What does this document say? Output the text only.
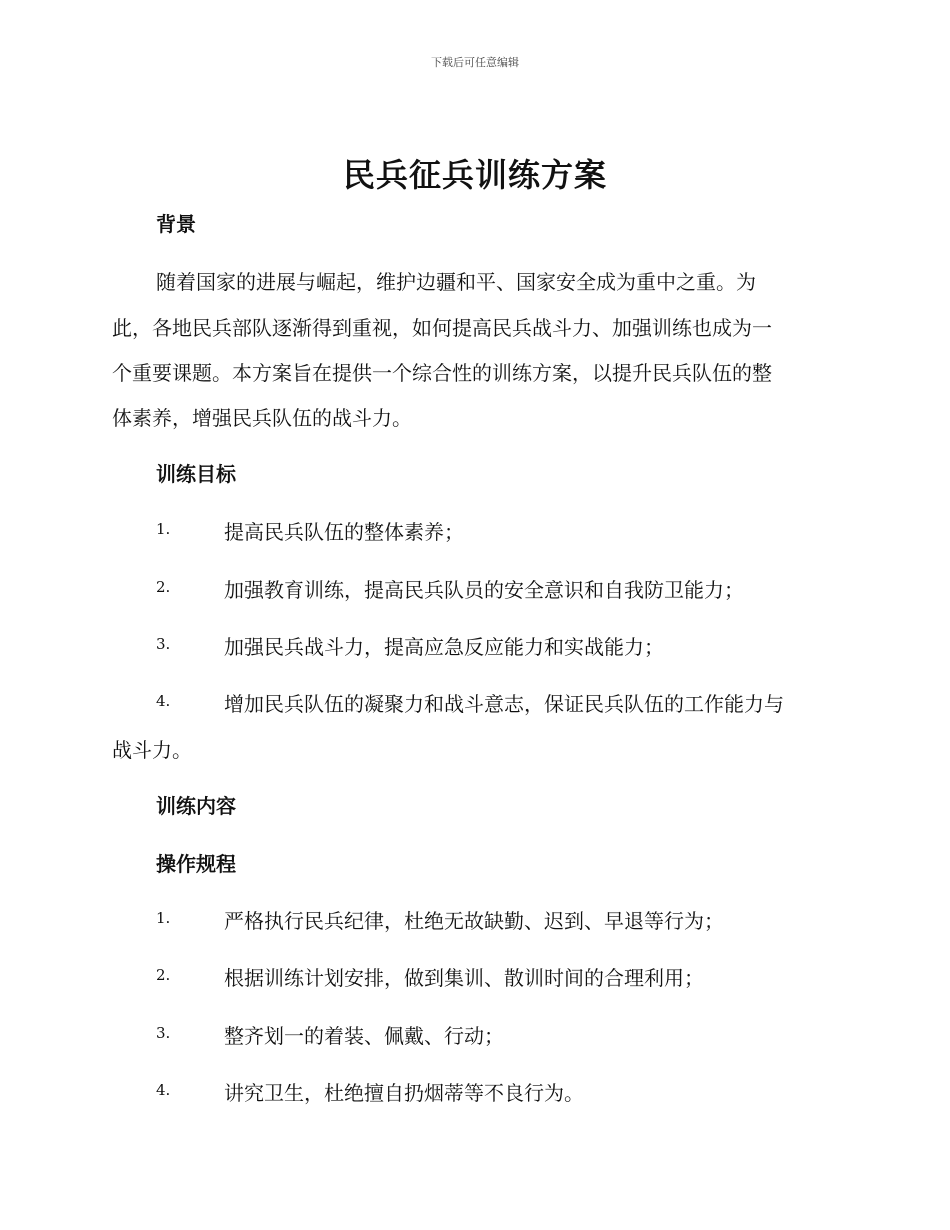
下载后可任意编辑
民兵征兵训练方案
背景
随着国家的进展与崛起，维护边疆和平、国家安全成为重中之重。为
此，各地民兵部队逐渐得到重视，如何提高民兵战斗力、加强训练也成为一
个重要课题。本方案旨在提供一个综合性的训练方案，以提升民兵队伍的整
体素养，增强民兵队伍的战斗力。
训练目标
1.	提高民兵队伍的整体素养；
2.	加强教育训练，提高民兵队员的安全意识和自我防卫能力；
3.	加强民兵战斗力，提高应急反应能力和实战能力；
4.	增加民兵队伍的凝聚力和战斗意志，保证民兵队伍的工作能力与
战斗力。
训练内容
操作规程
1.	严格执行民兵纪律，杜绝无故缺勤、迟到、早退等行为；
2.	根据训练计划安排，做到集训、散训时间的合理利用；
3.	整齐划一的着装、佩戴、行动；
4.	讲究卫生，杜绝擅自扔烟蒂等不良行为。
